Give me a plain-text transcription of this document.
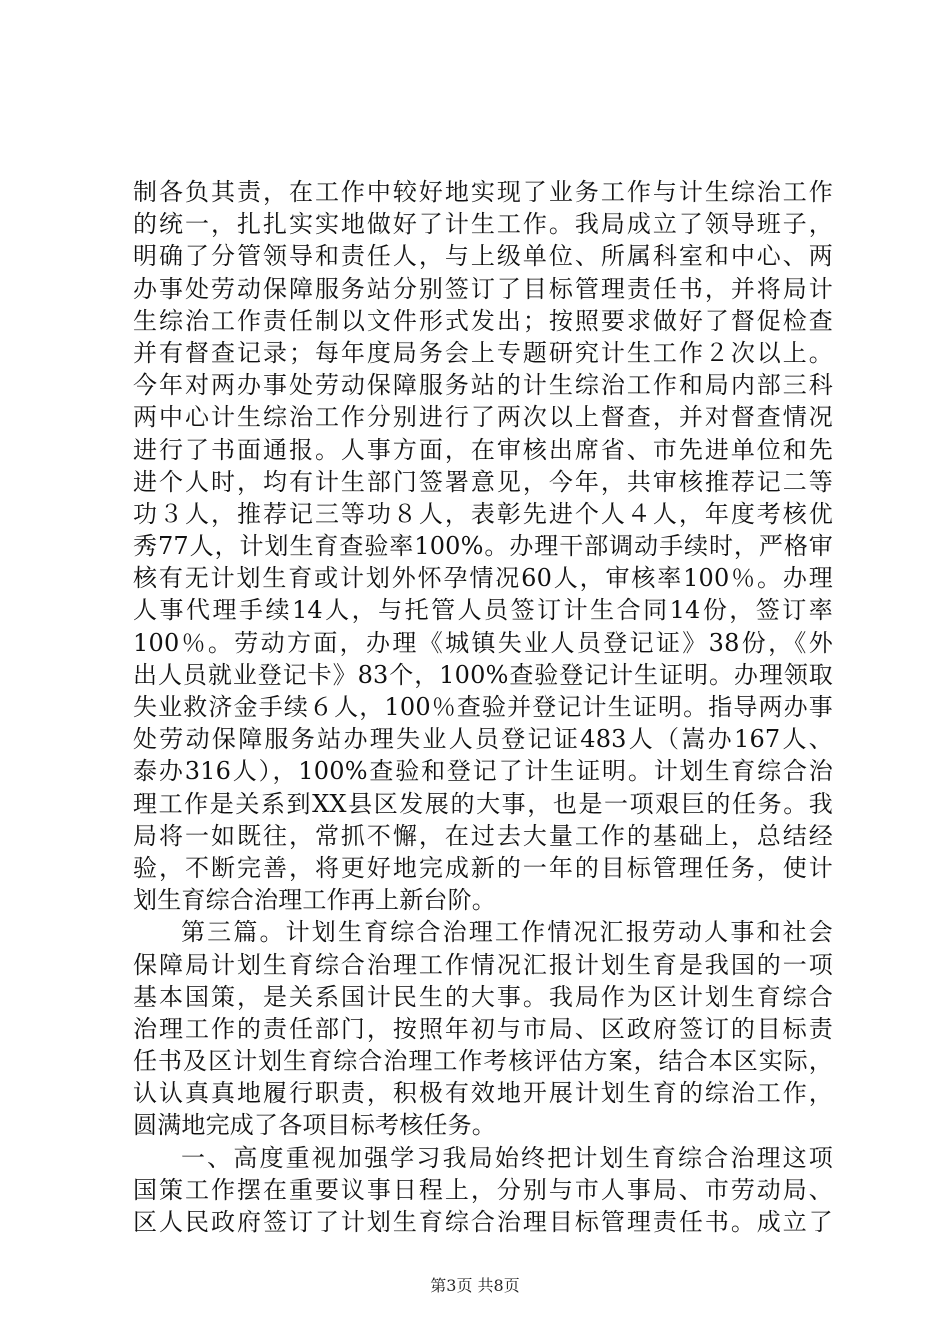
制各负其责，在工作中较好地实现了业务工作与计生综治工作
的统一，扎扎实实地做好了计生工作。我局成立了领导班子，
明确了分管领导和责任人，与上级单位、所属科室和中心、两
办事处劳动保障服务站分别签订了目标管理责任书，并将局计
生综治工作责任制以文件形式发出；按照要求做好了督促检查
并有督查记录；每年度局务会上专题研究计生工作２次以上。
今年对两办事处劳动保障服务站的计生综治工作和局内部三科
两中心计生综治工作分别进行了两次以上督查，并对督查情况
进行了书面通报。人事方面，在审核出席省、市先进单位和先
进个人时，均有计生部门签署意见，今年，共审核推荐记二等
功３人，推荐记三等功８人，表彰先进个人４人，年度考核优
秀77人，计划生育查验率100%。办理干部调动手续时，严格审
核有无计划生育或计划外怀孕情况60人，审核率100％。办理
人事代理手续14人，与托管人员签订计生合同14份，签订率
100％。劳动方面，办理《城镇失业人员登记证》38份，《外
出人员就业登记卡》83个，100%查验登记计生证明。办理领取
失业救济金手续６人，100％查验并登记计生证明。指导两办事
处劳动保障服务站办理失业人员登记证483人（嵩办167人、
泰办316人），100%查验和登记了计生证明。计划生育综合治
理工作是关系到XX县区发展的大事，也是一项艰巨的任务。我
局将一如既往，常抓不懈，在过去大量工作的基础上，总结经
验，不断完善，将更好地完成新的一年的目标管理任务，使计
划生育综合治理工作再上新台阶。
第三篇。计划生育综合治理工作情况汇报劳动人事和社会
保障局计划生育综合治理工作情况汇报计划生育是我国的一项
基本国策，是关系国计民生的大事。我局作为区计划生育综合
治理工作的责任部门，按照年初与市局、区政府签订的目标责
任书及区计划生育综合治理工作考核评估方案，结合本区实际，
认认真真地履行职责，积极有效地开展计划生育的综治工作，
圆满地完成了各项目标考核任务。
一、高度重视加强学习我局始终把计划生育综合治理这项
国策工作摆在重要议事日程上，分别与市人事局、市劳动局、
区人民政府签订了计划生育综合治理目标管理责任书。成立了
第3页 共8页
